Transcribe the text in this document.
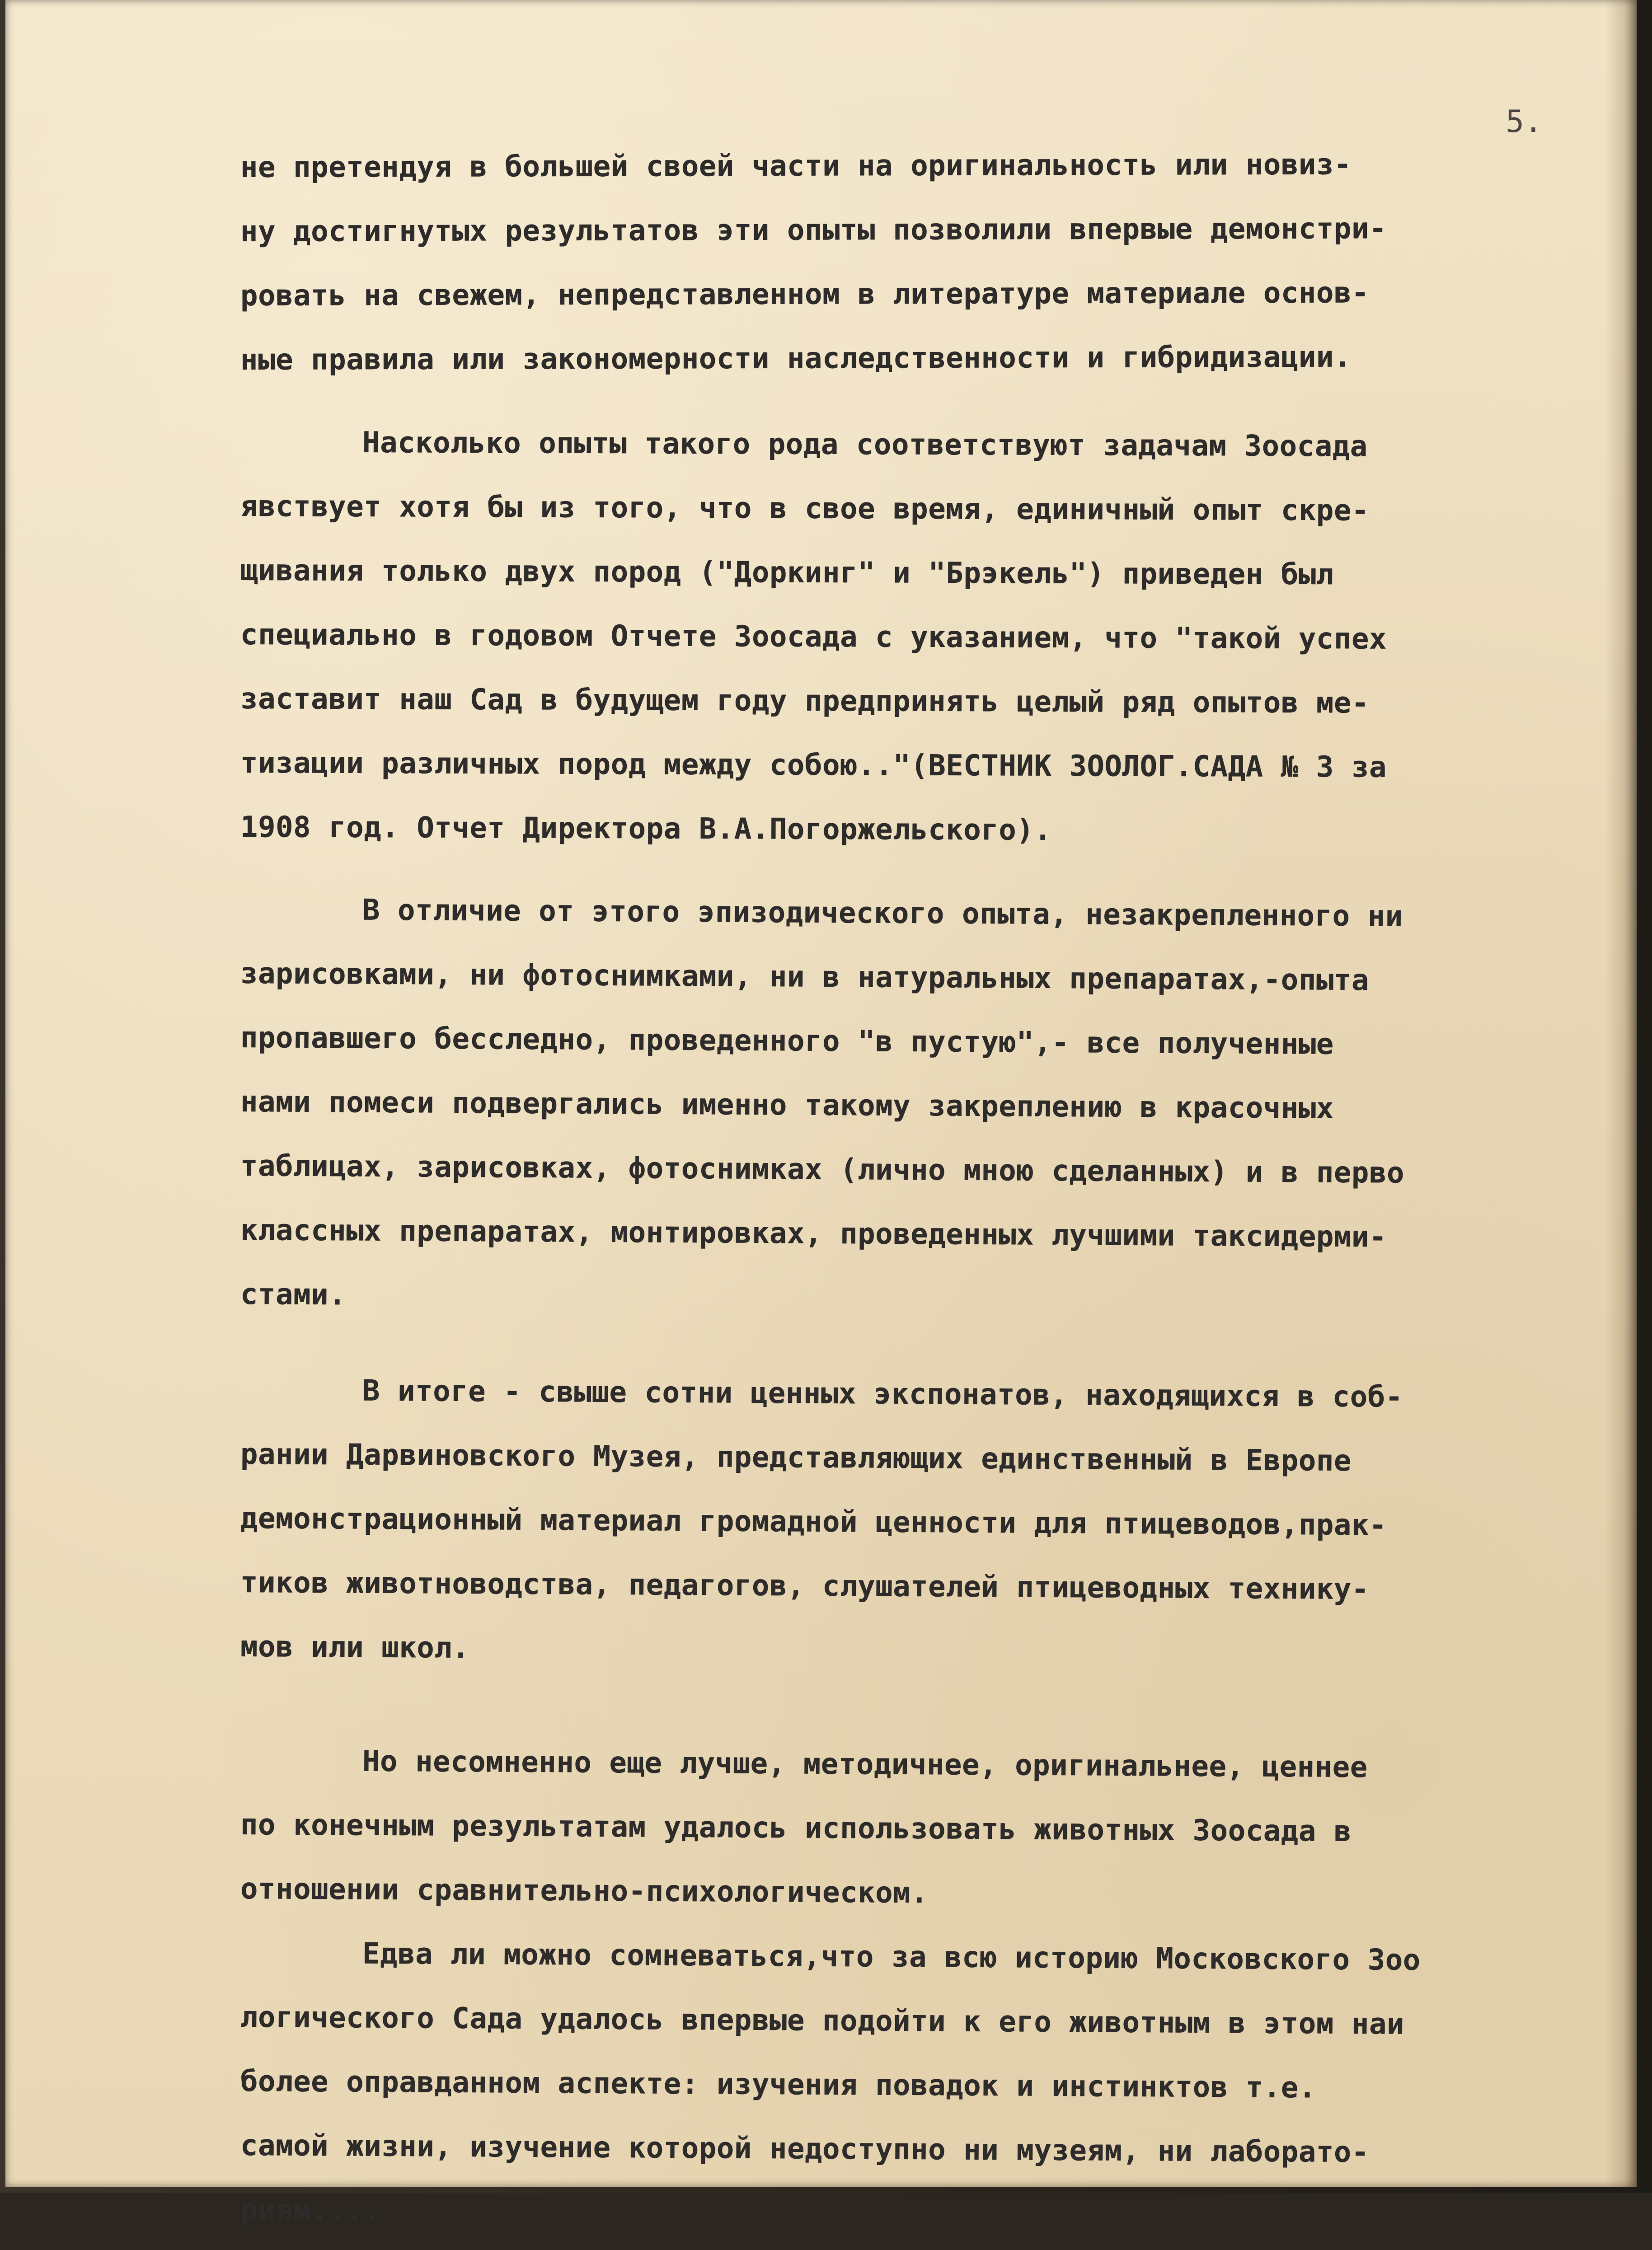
5.
не претендуя в большей своей части на оригинальность или новиз-
ну достигнутых результатов эти опыты позволили впервые демонстри-
ровать на свежем, непредставленном в литературе материале основ-
ные правила или закономерности наследственности и гибридизации.
Насколько опыты такого рода соответствуют задачам Зоосада
явствует хотя бы из того, что в свое время, единичный опыт скре-
щивания только двух пород ("Доркинг" и "Брэкель") приведен был
специально в годовом Отчете Зоосада с указанием, что "такой успех
заставит наш Сад в будущем году предпринять целый ряд опытов ме-
тизации различных пород между собою.."(ВЕСТНИК ЗООЛОГ.САДА № 3 за
1908 год. Отчет Директора В.А.Погоржельского).
В отличие от этого эпизодического опыта, незакрепленного ни
зарисовками, ни фотоснимками, ни в натуральных препаратах,-опыта
пропавшего бесследно, проведенного "в пустую",- все полученные
нами помеси подвергались именно такому закреплению в красочных
таблицах, зарисовках, фотоснимках (лично мною сделанных) и в перво
классных препаратах, монтировках, проведенных лучшими таксидерми-
стами.
В итоге - свыше сотни ценных экспонатов, находящихся в соб-
рании Дарвиновского Музея, представляющих единственный в Европе
демонстрационный материал громадной ценности для птицеводов,прак-
тиков животноводства, педагогов, слушателей птицеводных технику-
мов или школ.
Но несомненно еще лучше, методичнее, оригинальнее, ценнее
по конечным результатам удалось использовать животных Зоосада в
отношении сравнительно-психологическом.
Едва ли можно сомневаться,что за всю историю Московского Зоо
логического Сада удалось впервые подойти к его животным в этом наи
более оправданном аспекте: изучения повадок и инстинктов т.е.
самой жизни, изучение которой недоступно ни музеям, ни лаборато-
риям....
